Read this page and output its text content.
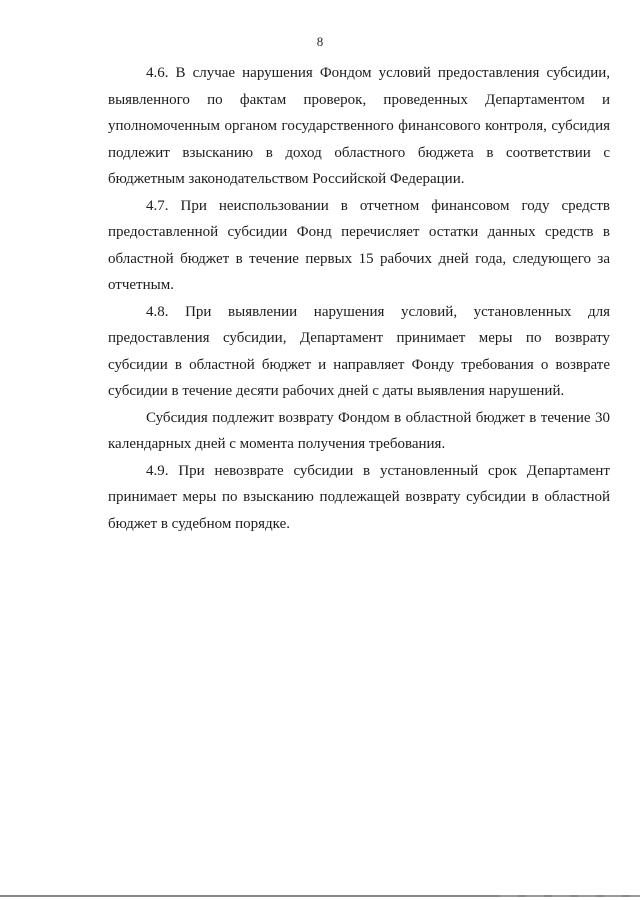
8

4.6. В случае нарушения Фондом условий предоставления субсидии, выявленного по фактам проверок, проведенных Департаментом и уполномоченным органом государственного финансового контроля, субсидия подлежит взысканию в доход областного бюджета в соответствии с бюджетным законодательством Российской Федерации.

4.7. При неиспользовании в отчетном финансовом году средств предоставленной субсидии Фонд перечисляет остатки данных средств в областной бюджет в течение первых 15 рабочих дней года, следующего за отчетным.

4.8. При выявлении нарушения условий, установленных для предоставления субсидии, Департамент принимает меры по возврату субсидии в областной бюджет и направляет Фонду требования о возврате субсидии в течение десяти рабочих дней с даты выявления нарушений.

Субсидия подлежит возврату Фондом в областной бюджет в течение 30 календарных дней с момента получения требования.

4.9. При невозврате субсидии в установленный срок Департамент принимает меры по взысканию подлежащей возврату субсидии в областной бюджет в судебном порядке.
